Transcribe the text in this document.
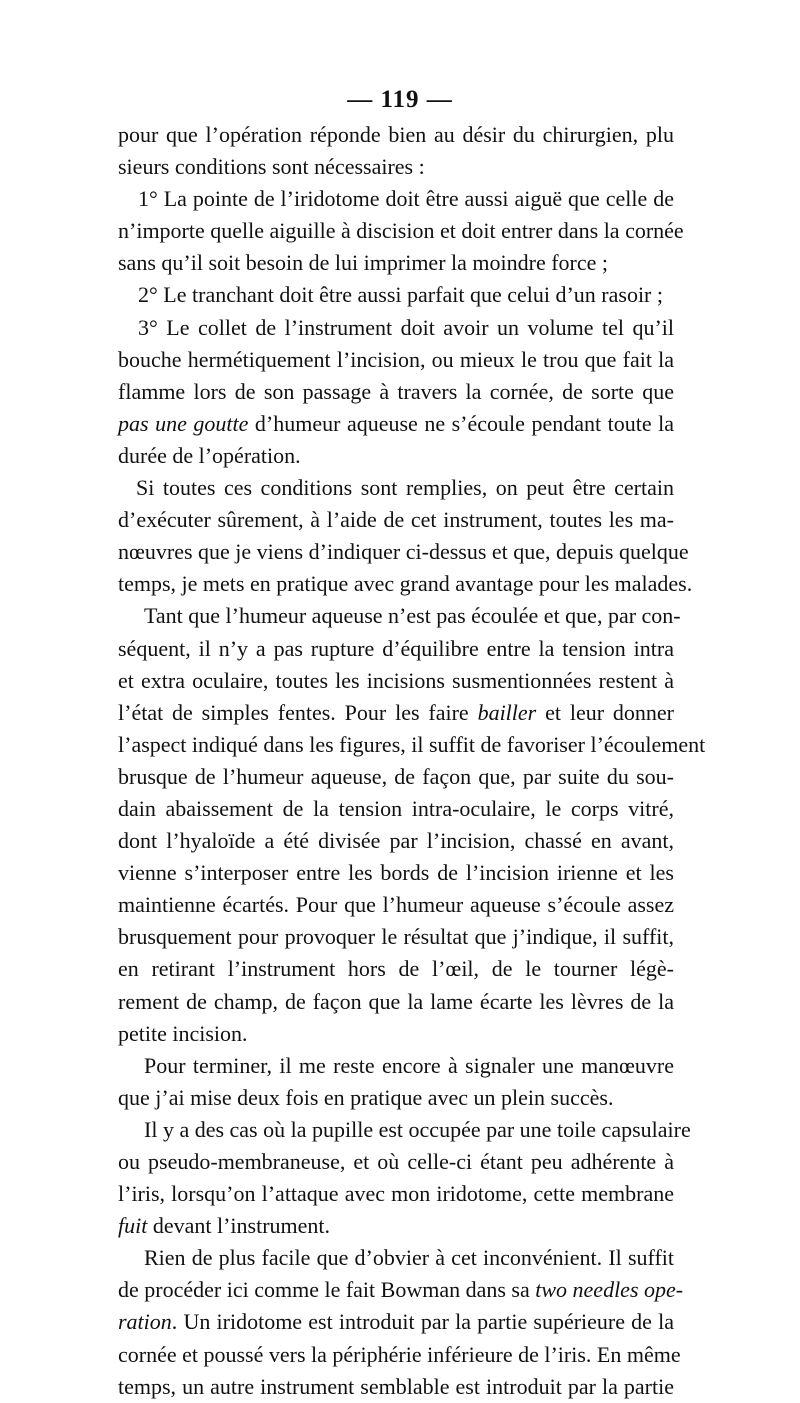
— 119 —
pour que l’opération réponde bien au désir du chirurgien, plu
sieurs conditions sont nécessaires :
1° La pointe de l’iridotome doit être aussi aiguë que celle de
n’importe quelle aiguille à discision et doit entrer dans la cornée
sans qu’il soit besoin de lui imprimer la moindre force ;
2° Le tranchant doit être aussi parfait que celui d’un rasoir ;
3° Le collet de l’instrument doit avoir un volume tel qu’il
bouche hermétiquement l’incision, ou mieux le trou que fait la
flamme lors de son passage à travers la cornée, de sorte que
pas une goutte d’humeur aqueuse ne s’écoule pendant toute la
durée de l’opération.
Si toutes ces conditions sont remplies, on peut être certain
d’exécuter sûrement, à l’aide de cet instrument, toutes les ma-
nœuvres que je viens d’indiquer ci-dessus et que, depuis quelque
temps, je mets en pratique avec grand avantage pour les malades.
Tant que l’humeur aqueuse n’est pas écoulée et que, par con-
séquent, il n’y a pas rupture d’équilibre entre la tension intra
et extra oculaire, toutes les incisions susmentionnées restent à
l’état de simples fentes. Pour les faire bailler et leur donner
l’aspect indiqué dans les figures, il suffit de favoriser l’écoulement
brusque de l’humeur aqueuse, de façon que, par suite du sou-
dain abaissement de la tension intra-oculaire, le corps vitré,
dont l’hyaloïde a été divisée par l’incision, chassé en avant,
vienne s’interposer entre les bords de l’incision irienne et les
maintienne écartés. Pour que l’humeur aqueuse s’écoule assez
brusquement pour provoquer le résultat que j’indique, il suffit,
en retirant l’instrument hors de l’œil, de le tourner légè-
rement de champ, de façon que la lame écarte les lèvres de la
petite incision.
Pour terminer, il me reste encore à signaler une manœuvre
que j’ai mise deux fois en pratique avec un plein succès.
Il y a des cas où la pupille est occupée par une toile capsulaire
ou pseudo-membraneuse, et où celle-ci étant peu adhérente à
l’iris, lorsqu’on l’attaque avec mon iridotome, cette membrane
fuit devant l’instrument.
Rien de plus facile que d’obvier à cet inconvénient. Il suffit
de procéder ici comme le fait Bowman dans sa two needles ope-
ration. Un iridotome est introduit par la partie supérieure de la
cornée et poussé vers la périphérie inférieure de l’iris. En même
temps, un autre instrument semblable est introduit par la partie
